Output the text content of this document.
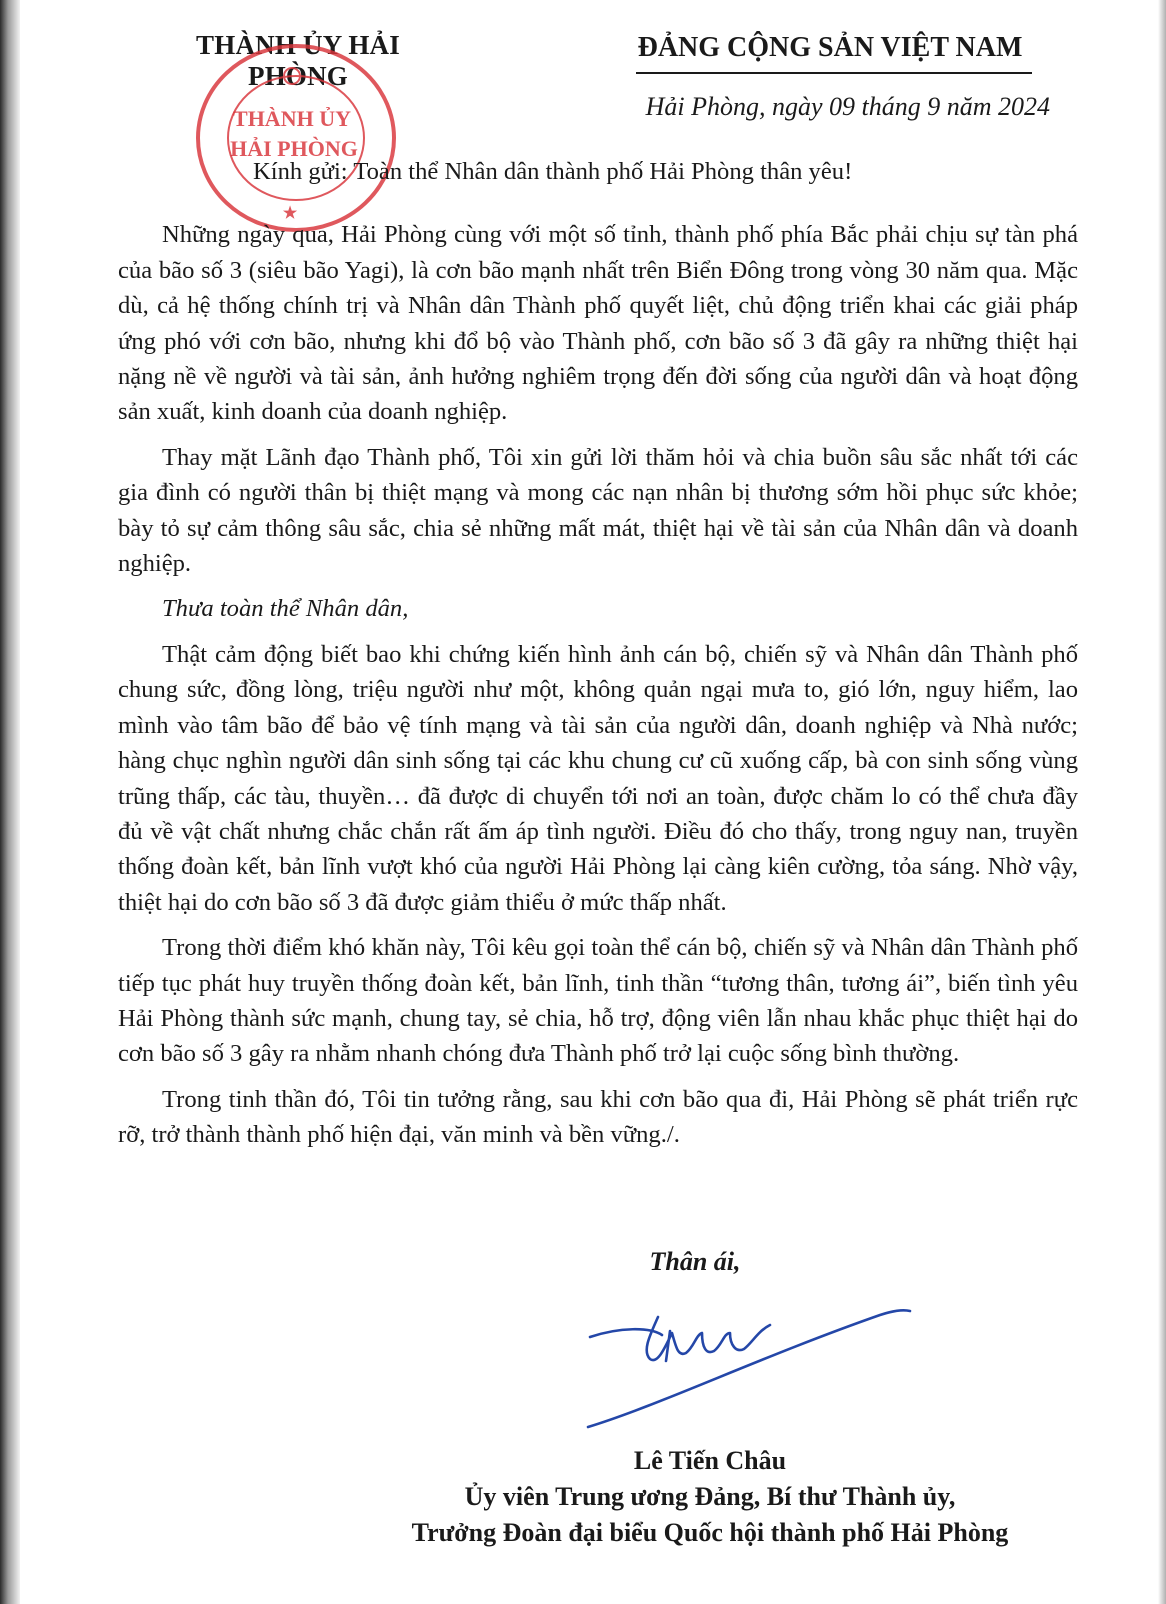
THÀNH ỦY HẢI PHÒNG
ĐẢNG CỘNG SẢN VIỆT NAM
Hải Phòng, ngày 09 tháng 9 năm 2024
THÀNH ỦY
HẢI PHÒNG
★

Kính gửi: Toàn thể Nhân dân thành phố Hải Phòng thân yêu!

Những ngày qua, Hải Phòng cùng với một số tỉnh, thành phố phía Bắc phải chịu sự tàn phá của bão số 3 (siêu bão Yagi), là cơn bão mạnh nhất trên Biển Đông trong vòng 30 năm qua. Mặc dù, cả hệ thống chính trị và Nhân dân Thành phố quyết liệt, chủ động triển khai các giải pháp ứng phó với cơn bão, nhưng khi đổ bộ vào Thành phố, cơn bão số 3 đã gây ra những thiệt hại nặng nề về người và tài sản, ảnh hưởng nghiêm trọng đến đời sống của người dân và hoạt động sản xuất, kinh doanh của doanh nghiệp.

Thay mặt Lãnh đạo Thành phố, Tôi xin gửi lời thăm hỏi và chia buồn sâu sắc nhất tới các gia đình có người thân bị thiệt mạng và mong các nạn nhân bị thương sớm hồi phục sức khỏe; bày tỏ sự cảm thông sâu sắc, chia sẻ những mất mát, thiệt hại về tài sản của Nhân dân và doanh nghiệp.

Thưa toàn thể Nhân dân,

Thật cảm động biết bao khi chứng kiến hình ảnh cán bộ, chiến sỹ và Nhân dân Thành phố chung sức, đồng lòng, triệu người như một, không quản ngại mưa to, gió lớn, nguy hiểm, lao mình vào tâm bão để bảo vệ tính mạng và tài sản của người dân, doanh nghiệp và Nhà nước; hàng chục nghìn người dân sinh sống tại các khu chung cư cũ xuống cấp, bà con sinh sống vùng trũng thấp, các tàu, thuyền… đã được di chuyển tới nơi an toàn, được chăm lo có thể chưa đầy đủ về vật chất nhưng chắc chắn rất ấm áp tình người. Điều đó cho thấy, trong nguy nan, truyền thống đoàn kết, bản lĩnh vượt khó của người Hải Phòng lại càng kiên cường, tỏa sáng. Nhờ vậy, thiệt hại do cơn bão số 3 đã được giảm thiểu ở mức thấp nhất.

Trong thời điểm khó khăn này, Tôi kêu gọi toàn thể cán bộ, chiến sỹ và Nhân dân Thành phố tiếp tục phát huy truyền thống đoàn kết, bản lĩnh, tinh thần “tương thân, tương ái”, biến tình yêu Hải Phòng thành sức mạnh, chung tay, sẻ chia, hỗ trợ, động viên lẫn nhau khắc phục thiệt hại do cơn bão số 3 gây ra nhằm nhanh chóng đưa Thành phố trở lại cuộc sống bình thường.

Trong tinh thần đó, Tôi tin tưởng rằng, sau khi cơn bão qua đi, Hải Phòng sẽ phát triển rực rỡ, trở thành thành phố hiện đại, văn minh và bền vững./.

Thân ái,
Lê Tiến Châu
Ủy viên Trung ương Đảng, Bí thư Thành ủy,
Trưởng Đoàn đại biểu Quốc hội thành phố Hải Phòng
